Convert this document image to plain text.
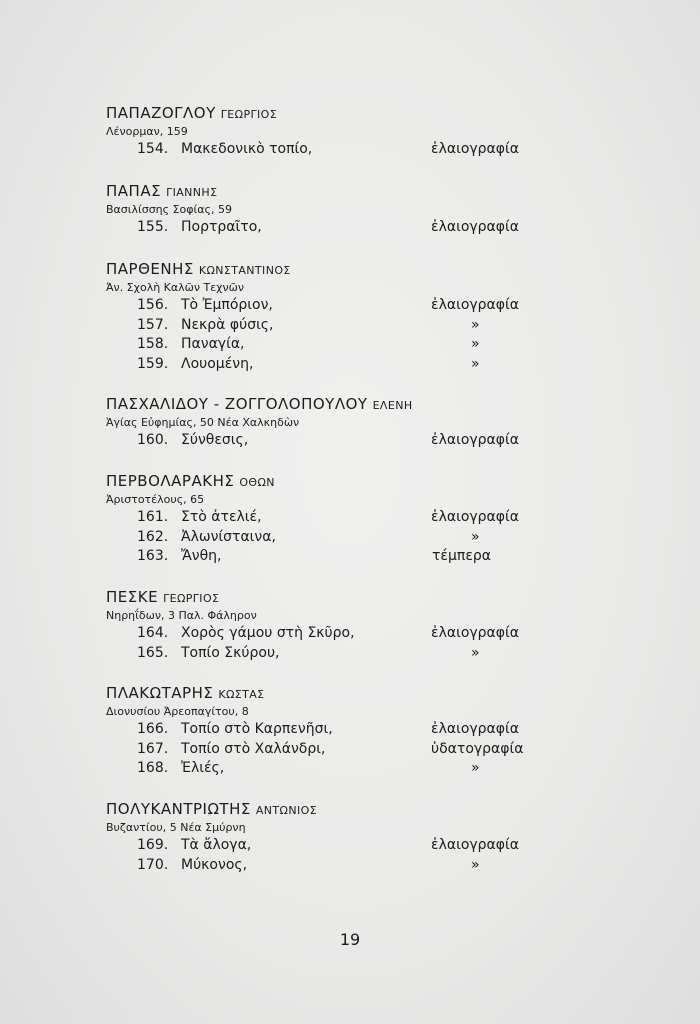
ΠΑΠΑΖΟΓΛΟΥ ΓΕΩΡΓΙΟΣ
Λένορμαν, 159
154. Μακεδονικὸ τοπίο,	ἐλαιογραφία
ΠΑΠΑΣ ΓΙΑΝΝΗΣ
Βασιλίσσης Σοφίας, 59
155. Πορτραῖτο,	ἐλαιογραφία
ΠΑΡΘΕΝΗΣ ΚΩΝΣΤΑΝΤΙΝΟΣ
Ἀν. Σχολὴ Καλῶν Τεχνῶν
156. Τὸ Ἐμπόριον,	ἐλαιογραφία
157. Νεκρὰ φύσις,	»
158. Παναγία,	»
159. Λουομένη,	»
ΠΑΣΧΑΛΙΔΟΥ - ΖΟΓΓΟΛΟΠΟΥΛΟΥ ΕΛΕΝΗ
Ἁγίας Εὐφημίας, 50 Νέα Χαλκηδὼν
160. Σύνθεσις,	ἐλαιογραφία
ΠΕΡΒΟΛΑΡΑΚΗΣ ΟΘΩΝ
Ἀριστοτέλους, 65
161. Στὸ ἀτελιέ,	ἐλαιογραφία
162. Ἀλωνίσταινα,	»
163. Ἄνθη,	τέμπερα
ΠΕΣΚΕ ΓΕΩΡΓΙΟΣ
Νηρηΐδων, 3 Παλ. Φάληρον
164. Χορὸς γάμου στὴ Σκῦρο,	ἐλαιογραφία
165. Τοπίο Σκύρου,	»
ΠΛΑΚΩΤΑΡΗΣ ΚΩΣΤΑΣ
Διονυσίου Ἀρεοπαγίτου, 8
166. Τοπίο στὸ Καρπενῆσι,	ἐλαιογραφία
167. Τοπίο στὸ Χαλάνδρι,	ὑδατογραφία
168. Ἐλιές,	»
ΠΟΛΥΚΑΝΤΡΙΩΤΗΣ ΑΝΤΩΝΙΟΣ
Βυζαντίου, 5 Νέα Σμύρνη
169. Τὰ ἄλογα,	ἐλαιογραφία
170. Μύκονος,	»
19
